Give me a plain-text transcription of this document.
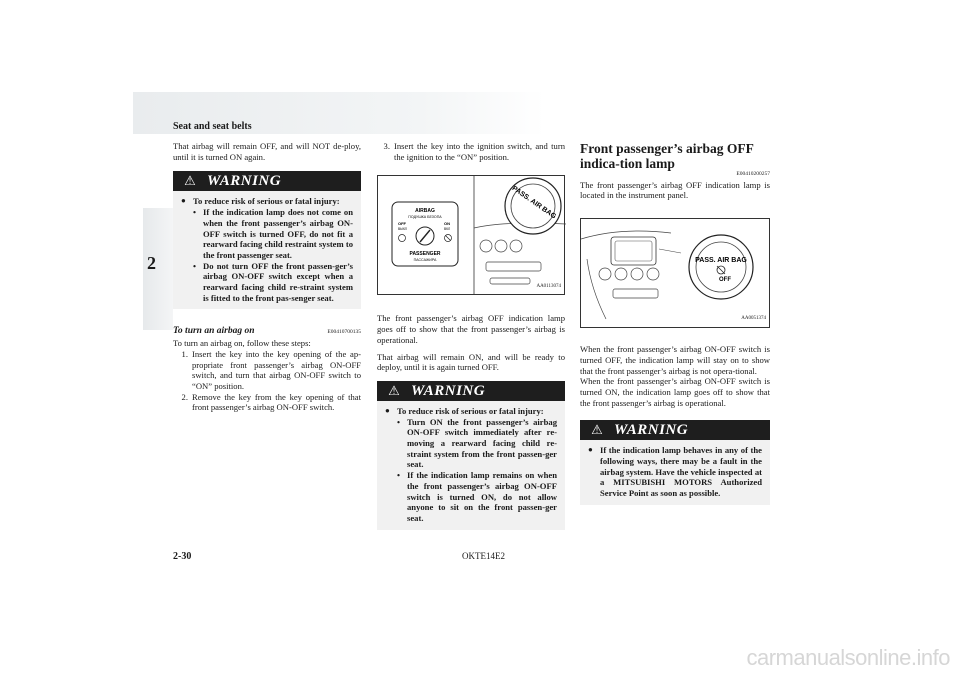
Seat and seat belts
2

That airbag will remain OFF, and will NOT de-ploy, until it is turned ON again.

⚠ WARNING
● To reduce risk of serious or fatal injury:
• If the indication lamp does not come on when the front passenger’s airbag ON-OFF switch is turned OFF, do not fit a rearward facing child restraint system to the front passenger seat.
• Do not turn OFF the front passen-ger’s airbag ON-OFF switch except when a rearward facing child re-straint system is fitted to the front pas-senger seat.
To turn an airbag on	E00410700135

To turn an airbag on, follow these steps:

1. Insert the key into the key opening of the ap-propriate front passenger’s airbag ON-OFF switch, and turn that airbag ON-OFF switch to “ON” position.
2. Remove the key from the key opening of that front passenger’s airbag ON-OFF switch.
3. Insert the key into the ignition switch, and turn the ignition to the “ON” position.
PASS. AIR BAG
AIRBAG
ПОДУШКА БЕЗОПА
OFF
ВЫКЛ
ON
ВКЛ
PASSENGER
ПАССАЖИРА
AA0113074

The front passenger’s airbag OFF indication lamp goes off to show that the front passenger’s airbag is operational.

That airbag will remain ON, and will be ready to deploy, until it is again turned OFF.

⚠ WARNING
● To reduce risk of serious or fatal injury:
• Turn ON the front passenger’s airbag ON-OFF switch immediately after re-moving a rearward facing child re-straint system from the front passen-ger seat.
• If the indication lamp remains on when the front passenger’s airbag ON-OFF switch is turned ON, do not allow anyone to sit on the front passen-ger seat.
Front passenger’s airbag OFF indica-tion lamp
E00410200257

The front passenger’s airbag OFF indication lamp is located in the instrument panel.

PASS. AIR BAG
OFF
AA0051374

When the front passenger’s airbag ON-OFF switch is turned OFF, the indication lamp will stay on to show that the front passenger’s airbag is not opera-tional.

When the front passenger’s airbag ON-OFF switch is turned ON, the indication lamp goes off to show that the front passenger’s airbag is operational.

⚠ WARNING
● If the indication lamp behaves in any of the following ways, there may be a fault in the airbag system. Have the vehicle inspected at a MITSUBISHI MOTORS Authorized Service Point as soon as possible.
2-30	OKTE14E2
carmanualsonline.info
